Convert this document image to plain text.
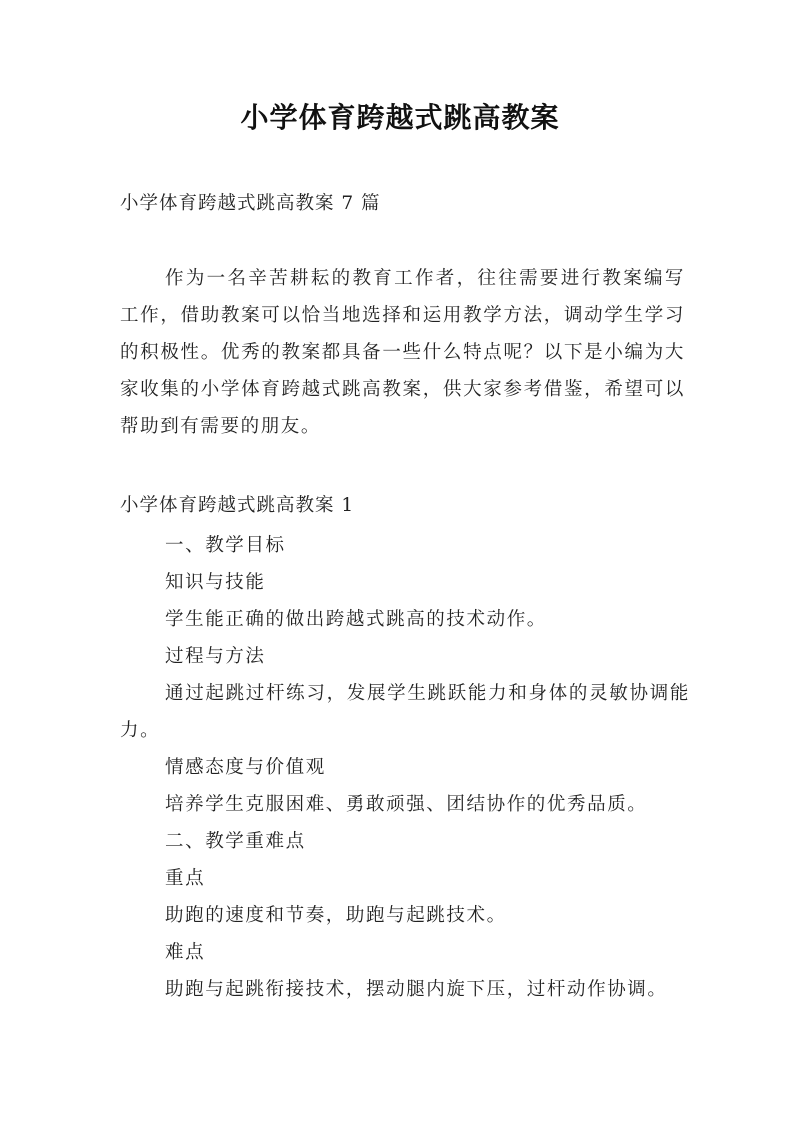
小学体育跨越式跳高教案
小学体育跨越式跳高教案 7 篇
作为一名辛苦耕耘的教育工作者，往往需要进行教案编写工作，借助教案可以恰当地选择和运用教学方法，调动学生学习的积极性。优秀的教案都具备一些什么特点呢？以下是小编为大家收集的小学体育跨越式跳高教案，供大家参考借鉴，希望可以帮助到有需要的朋友。
小学体育跨越式跳高教案 1
一、教学目标
知识与技能
学生能正确的做出跨越式跳高的技术动作。
过程与方法
通过起跳过杆练习，发展学生跳跃能力和身体的灵敏协调能力。
情感态度与价值观
培养学生克服困难、勇敢顽强、团结协作的优秀品质。
二、教学重难点
重点
助跑的速度和节奏，助跑与起跳技术。
难点
助跑与起跳衔接技术，摆动腿内旋下压，过杆动作协调。
